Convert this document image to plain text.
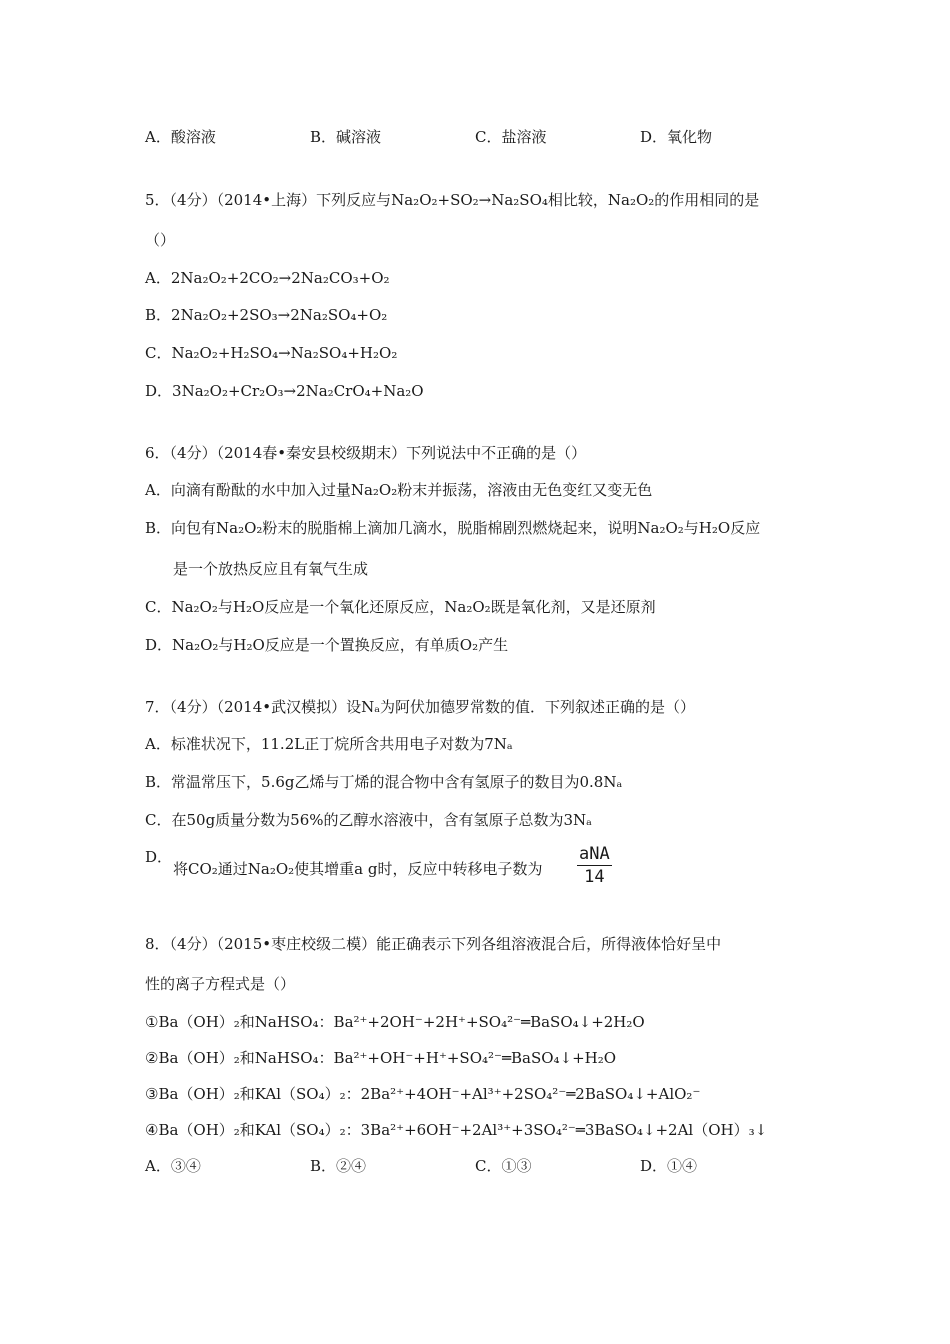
A．酸溶液	B．碱溶液	C．盐溶液	D．氧化物
5．（4分）（2014•上海）下列反应与Na₂O₂+SO₂→Na₂SO₄相比较，Na₂O₂的作用相同的是
（）
A．2Na₂O₂+2CO₂→2Na₂CO₃+O₂
B．2Na₂O₂+2SO₃→2Na₂SO₄+O₂
C．Na₂O₂+H₂SO₄→Na₂SO₄+H₂O₂
D．3Na₂O₂+Cr₂O₃→2Na₂CrO₄+Na₂O
6．（4分）（2014春•秦安县校级期末）下列说法中不正确的是（）
A．向滴有酚酞的水中加入过量Na₂O₂粉末并振荡，溶液由无色变红又变无色
B．向包有Na₂O₂粉末的脱脂棉上滴加几滴水，脱脂棉剧烈燃烧起来，说明Na₂O₂与H₂O反应
是一个放热反应且有氧气生成
C．Na₂O₂与H₂O反应是一个氧化还原反应，Na₂O₂既是氧化剂，又是还原剂
D．Na₂O₂与H₂O反应是一个置换反应，有单质O₂产生
7．（4分）（2014•武汉模拟）设Nₐ为阿伏加德罗常数的值．下列叙述正确的是（）
A．标准状况下，11.2L正丁烷所含共用电子对数为7Nₐ
B．常温常压下，5.6g乙烯与丁烯的混合物中含有氢原子的数目为0.8Nₐ
C．在50g质量分数为56%的乙醇水溶液中，含有氢原子总数为3Nₐ
D．
将CO₂通过Na₂O₂使其增重a g时，反应中转移电子数为
aNA
14
8．（4分）（2015•枣庄校级二模）能正确表示下列各组溶液混合后，所得液体恰好呈中
性的离子方程式是（）
①Ba（OH）₂和NaHSO₄：Ba²⁺+2OH⁻+2H⁺+SO₄²⁻═BaSO₄↓+2H₂O
②Ba（OH）₂和NaHSO₄：Ba²⁺+OH⁻+H⁺+SO₄²⁻═BaSO₄↓+H₂O
③Ba（OH）₂和KAl（SO₄）₂：2Ba²⁺+4OH⁻+Al³⁺+2SO₄²⁻═2BaSO₄↓+AlO₂⁻
④Ba（OH）₂和KAl（SO₄）₂：3Ba²⁺+6OH⁻+2Al³⁺+3SO₄²⁻═3BaSO₄↓+2Al（OH）₃↓
A．③④	B．②④	C．①③	D．①④
